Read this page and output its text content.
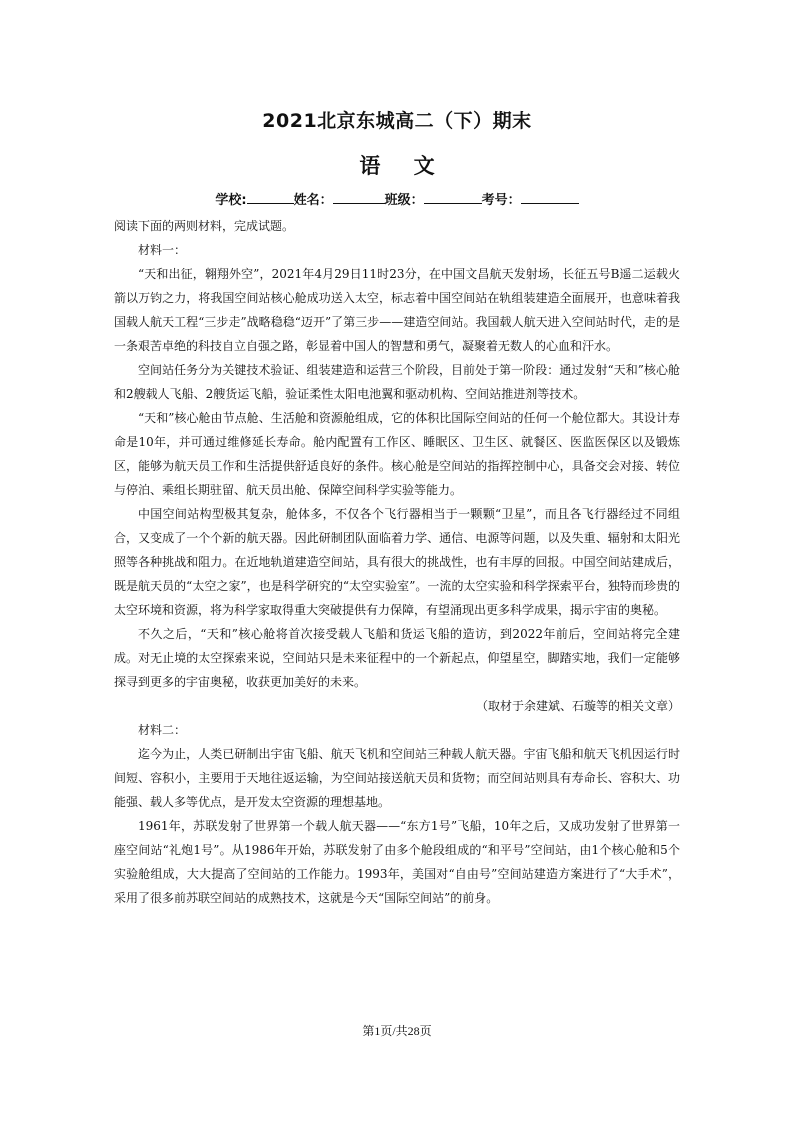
2021北京东城高二（下）期末
语 文
学校:	姓名：	班级：	考号：

阅读下面的两则材料，完成试题。

材料一：

“天和出征，翱翔外空”，2021年4月29日11时23分，在中国文昌航天发射场，长征五号B遥二运载火箭以万钧之力，将我国空间站核心舱成功送入太空，标志着中国空间站在轨组装建造全面展开，也意味着我国载人航天工程“三步走”战略稳稳“迈开”了第三步——建造空间站。我国载人航天进入空间站时代，走的是一条艰苦卓绝的科技自立自强之路，彰显着中国人的智慧和勇气，凝聚着无数人的心血和汗水。

空间站任务分为关键技术验证、组装建造和运营三个阶段，目前处于第一阶段：通过发射“天和”核心舱和2艘载人飞船、2艘货运飞船，验证柔性太阳电池翼和驱动机构、空间站推进剂等技术。

“天和”核心舱由节点舱、生活舱和资源舱组成，它的体积比国际空间站的任何一个舱位都大。其设计寿命是10年，并可通过维修延长寿命。舱内配置有工作区、睡眠区、卫生区、就餐区、医监医保区以及锻炼区，能够为航天员工作和生活提供舒适良好的条件。核心舱是空间站的指挥控制中心，具备交会对接、转位与停泊、乘组长期驻留、航天员出舱、保障空间科学实验等能力。

中国空间站构型极其复杂，舱体多，不仅各个飞行器相当于一颗颗“卫星”，而且各飞行器经过不同组合，又变成了一个个新的航天器。因此研制团队面临着力学、通信、电源等问题，以及失重、辐射和太阳光照等各种挑战和阻力。在近地轨道建造空间站，具有很大的挑战性，也有丰厚的回报。中国空间站建成后，既是航天员的“太空之家”，也是科学研究的“太空实验室”。一流的太空实验和科学探索平台，独特而珍贵的太空环境和资源，将为科学家取得重大突破提供有力保障，有望涌现出更多科学成果，揭示宇宙的奥秘。

不久之后，“天和”核心舱将首次接受载人飞船和货运飞船的造访，到2022年前后，空间站将完全建成。对无止境的太空探索来说，空间站只是未来征程中的一个新起点，仰望星空，脚踏实地，我们一定能够探寻到更多的宇宙奥秘，收获更加美好的未来。

（取材于余建斌、石璇等的相关文章）

材料二：

迄今为止，人类已研制出宇宙飞船、航天飞机和空间站三种载人航天器。宇宙飞船和航天飞机因运行时间短、容积小，主要用于天地往返运输，为空间站接送航天员和货物；而空间站则具有寿命长、容积大、功能强、载人多等优点，是开发太空资源的理想基地。

1961年，苏联发射了世界第一个载人航天器——“东方1号”飞船，10年之后，又成功发射了世界第一座空间站“礼炮1号”。从1986年开始，苏联发射了由多个舱段组成的“和平号”空间站，由1个核心舱和5个实验舱组成，大大提高了空间站的工作能力。1993年，美国对“自由号”空间站建造方案进行了“大手术”，采用了很多前苏联空间站的成熟技术，这就是今天“国际空间站”的前身。

第1页/共28页
